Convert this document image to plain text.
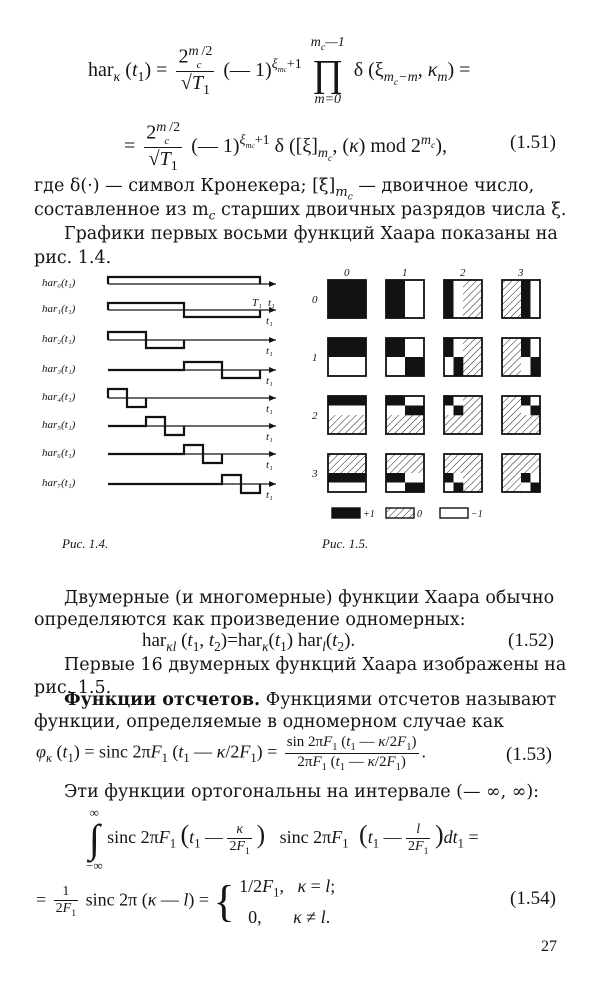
har$_\kappa$ $(t_1) = \frac{2^m_c^{/2}}{√T_1}$ (— 1)$^{\xi_{mc}+1}$
$m_c—1$
∏
m=0
δ ($\xi_{m_c-m}$, $\kappa_m$) =
= $\frac{2^m_c^{/2}}{√T_1}$ (— 1)$^{\xi_{mc}+1}$ δ ($[\xi]_{m_c}$, (κ) mod $2^{m_c}$),	(1.51)
где δ(·) — символ Кронекера; $[\xi]_{m_c}$ — двоичное число,
составленное из $m_c$ старших двоичных разрядов числа ξ.
Графики первых восьми функций Хаара показаны на
рис. 1.4.
har₀(t₁)
har₁(t₁)
t₁
har₂(t₁)
t₁
har₃(t₁)
t₁
har₄(t₁)
t₁
har₅(t₁)
t₁
har₆(t₁)
t₁
har₇(t₁)
t₁
T₁ t₁	0
1
2
3
0	1	2	3
+1	0	−1
Рис. 1.4.	Рис. 1.5.
Двумерные (и многомерные) функции Хаара обычно
определяются как произведение одномерных:
har$_{\kappa l}$ ($t_1$, $t_2)=har_\kappa(t_1)$ $har_l(t_2)$.	(1.52)
Первые 16 двумерных функций Хаара изображены на
рис. 1.5.
Функции отсчетов. Функциями отсчетов называют
функции, определяемые в одномерном случае как
$\varphi_\kappa$ $(t_1) = \sin c$ $2\pi F_1$ ($t_1$ — $\kappa/2F_1) = \frac{\sin 2\pi F_1 (t_1 — \kappa/2F_1)}{2\pi F_1 (t_1 — \kappa/2F_1)}$ .	(1.53)
Эти функции ортогональны на интервале (— ∞, ∞):
∞
∫
−∞
sinc $2\pi F_1$ ($t_1$ — $\frac{\kappa}{2F_1}$ ) sinc $2\pi F_1$ ($t_1$ — $\frac{l}{2F_1} )dt_1$ =
= $\frac{1}{2F_1}$ sinc 2π (κ — l) = { $1/2F_1$,   κ = l;
0,       κ ≠ l.
(1.54)
27
